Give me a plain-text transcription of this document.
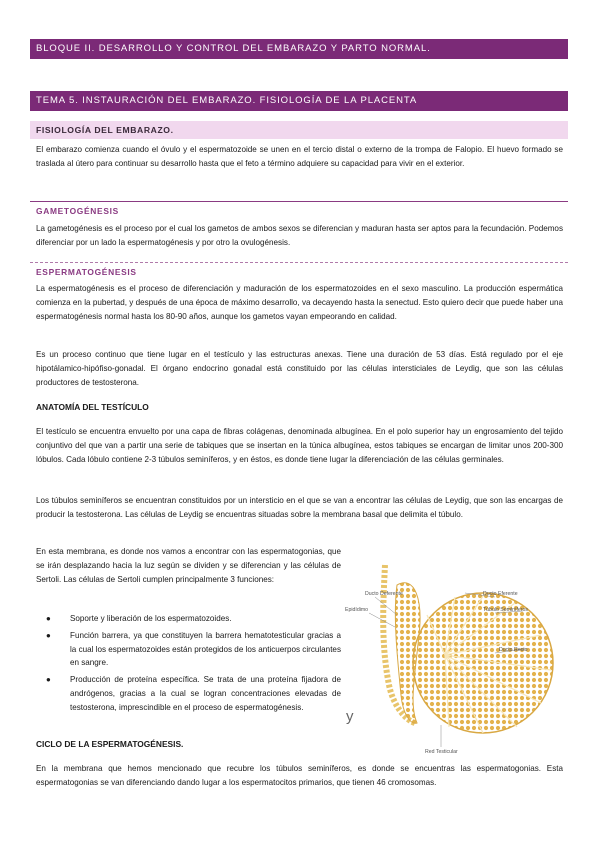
BLOQUE II. DESARROLLO Y CONTROL DEL EMBARAZO Y PARTO NORMAL.
TEMA 5. INSTAURACIÓN DEL EMBARAZO. FISIOLOGÍA DE LA PLACENTA
FISIOLOGÍA DEL EMBARAZO.

El embarazo comienza cuando el óvulo y el espermatozoide se unen en el tercio distal o externo de la trompa de Falopio. El huevo formado se traslada al útero para continuar su desarrollo hasta que el feto a término adquiere su capacidad para vivir en el exterior.

GAMETOGÉNESIS

La gametogénesis es el proceso por el cual los gametos de ambos sexos se diferencian y maduran hasta ser aptos para la fecundación. Podemos diferenciar por un lado la espermatogénesis y por otro la ovulogénesis.

ESPERMATOGÉNESIS

La espermatogénesis es el proceso de diferenciación y maduración de los espermatozoides en el sexo masculino. La producción espermática comienza en la pubertad, y después de una época de máximo desarrollo, va decayendo hasta la senectud. Esto quiero decir que puede haber una espermatogénesis normal hasta los 80-90 años, aunque los gametos vayan empeorando en calidad.

Es un proceso continuo que tiene lugar en el testículo y las estructuras anexas. Tiene una duración de 53 días. Está regulado por el eje hipotálamico-hipófiso-gonadal. El órgano endocrino gonadal está constituido por las células intersticiales de Leydig, que son las células productores de testosterona.

ANATOMÍA DEL TESTÍCULO

El testículo se encuentra envuelto por una capa de fibras colágenas, denominada albugínea. En el polo superior hay un engrosamiento del tejido conjuntivo del que van a partir una serie de tabiques que se insertan en la túnica albugínea, estos tabiques se encargan de limitar unos 200-300 lóbulos. Cada lóbulo contiene 2-3 túbulos seminíferos, y en éstos, es donde tiene lugar la diferenciación de las células germinales.

Los túbulos seminíferos se encuentran constituidos por un intersticio en el que se van a encontrar las células de Leydig, que son las encargas de producir la testosterona. Las células de Leydig se encuentras situadas sobre la membrana basal que delimita el túbulo.

En esta membrana, es donde nos vamos a encontrar con las espermatogonias, que se irán desplazando hacia la luz según se dividen y se diferencian y las células de Sertoli. Las células de Sertoli cumplen principalmente 3 funciones:

● Soporte y liberación de los espermatozoides.
● Función barrera, ya que constituyen la barrera hematotesticular gracias a la cual los espermatozoides están protegidos de los anticuerpos circulantes en sangre.
● Producción de proteína específica. Se trata de una proteína fijadora de andrógenos, gracias a la cual se logran concentraciones elevadas de testosterona, imprescindible en el proceso de espermatogénesis.
CICLO DE LA ESPERMATOGÉNESIS.

En la membrana que hemos mencionado que recubre los túbulos seminíferos, es donde se encuentras las espermatogonias. Esta espermatogonias se van diferenciando dando lugar a los espermatocitos primarios, que tienen 46 cromosomas.

y
Ducto Deferente
Epidídimo
Ducto Eferente
Túbulo Seminíferos
Ducto Recto
Red Testicular
